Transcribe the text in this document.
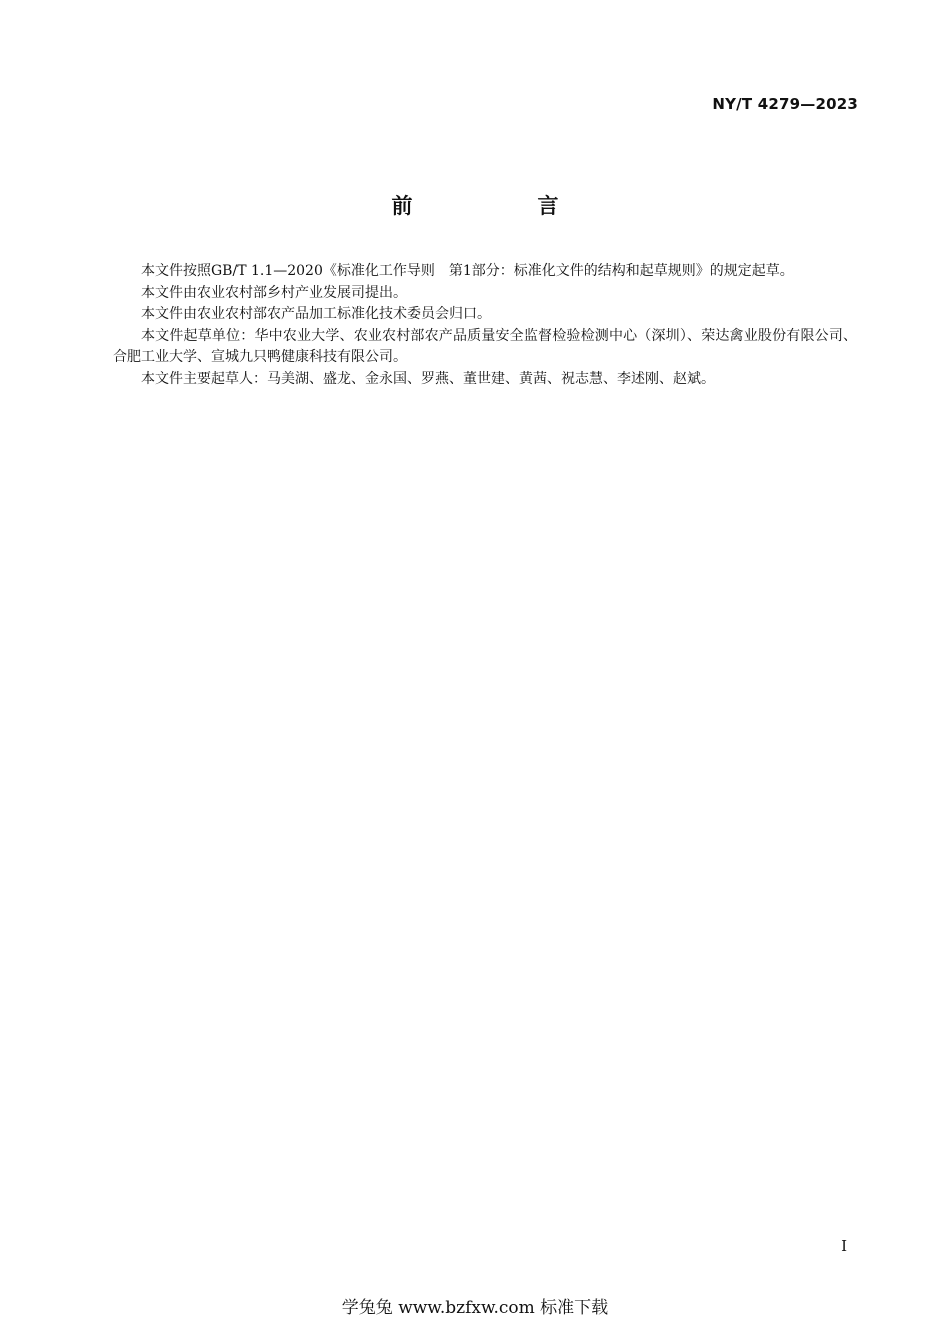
NY/T 4279—2023
前　言

本文件按照GB/T 1.1—2020《标准化工作导则　第1部分：标准化文件的结构和起草规则》的规定起草。

本文件由农业农村部乡村产业发展司提出。

本文件由农业农村部农产品加工标准化技术委员会归口。

本文件起草单位：华中农业大学、农业农村部农产品质量安全监督检验检测中心（深圳）、荣达禽业股份有限公司、合肥工业大学、宣城九只鸭健康科技有限公司。

本文件主要起草人：马美湖、盛龙、金永国、罗燕、董世建、黄茜、祝志慧、李述刚、赵斌。

I
学兔兔 www.bzfxw.com 标准下载
